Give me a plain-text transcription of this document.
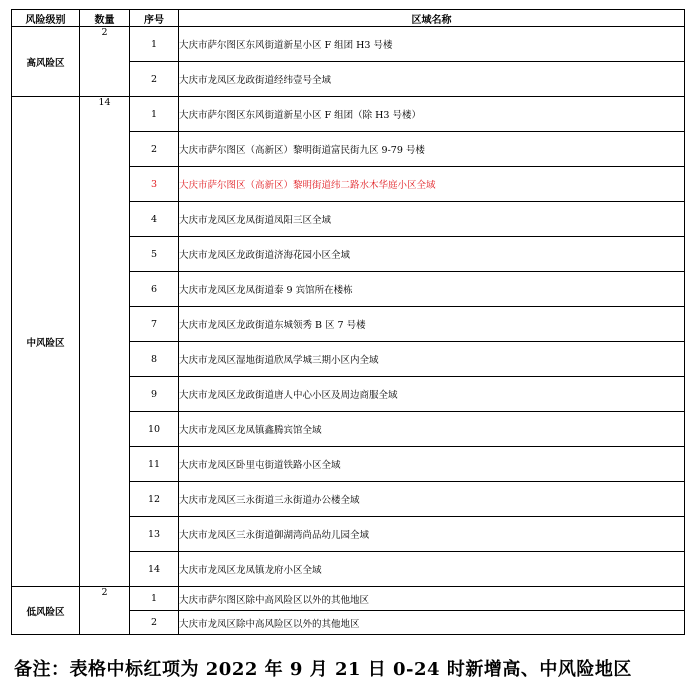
风险级别	数量	序号	区域名称
高风险区	2	1	大庆市萨尔图区东风街道新星小区 F 组团 H3 号楼
		2	大庆市龙凤区龙政街道经纬壹号全域
中风险区	14	1	大庆市萨尔图区东风街道新星小区 F 组团（除 H3 号楼）
		2	大庆市萨尔图区（高新区）黎明街道富民街九区 9-79 号楼
		3	大庆市萨尔图区（高新区）黎明街道纬二路水木华庭小区全域
		4	大庆市龙凤区龙凤街道凤阳三区全域
		5	大庆市龙凤区龙政街道济海花园小区全域
		6	大庆市龙凤区龙凤街道泰 9 宾馆所在楼栋
		7	大庆市龙凤区龙政街道东城领秀 B 区 7 号楼
		8	大庆市龙凤区湿地街道欣凤学城三期小区内全域
		9	大庆市龙凤区龙政街道唐人中心小区及周边商服全域
		10	大庆市龙凤区龙凤镇鑫腾宾馆全域
		11	大庆市龙凤区卧里屯街道铁路小区全域
		12	大庆市龙凤区三永街道三永街道办公楼全域
		13	大庆市龙凤区三永街道御湖湾尚品幼儿园全域
		14	大庆市龙凤区龙凤镇龙府小区全域
低风险区	2	1	大庆市萨尔图区除中高风险区以外的其他地区
		2	大庆市龙凤区除中高风险区以外的其他地区
备注：表格中标红项为 2022 年 9 月 21 日 0-24 时新增高、中风险地区
